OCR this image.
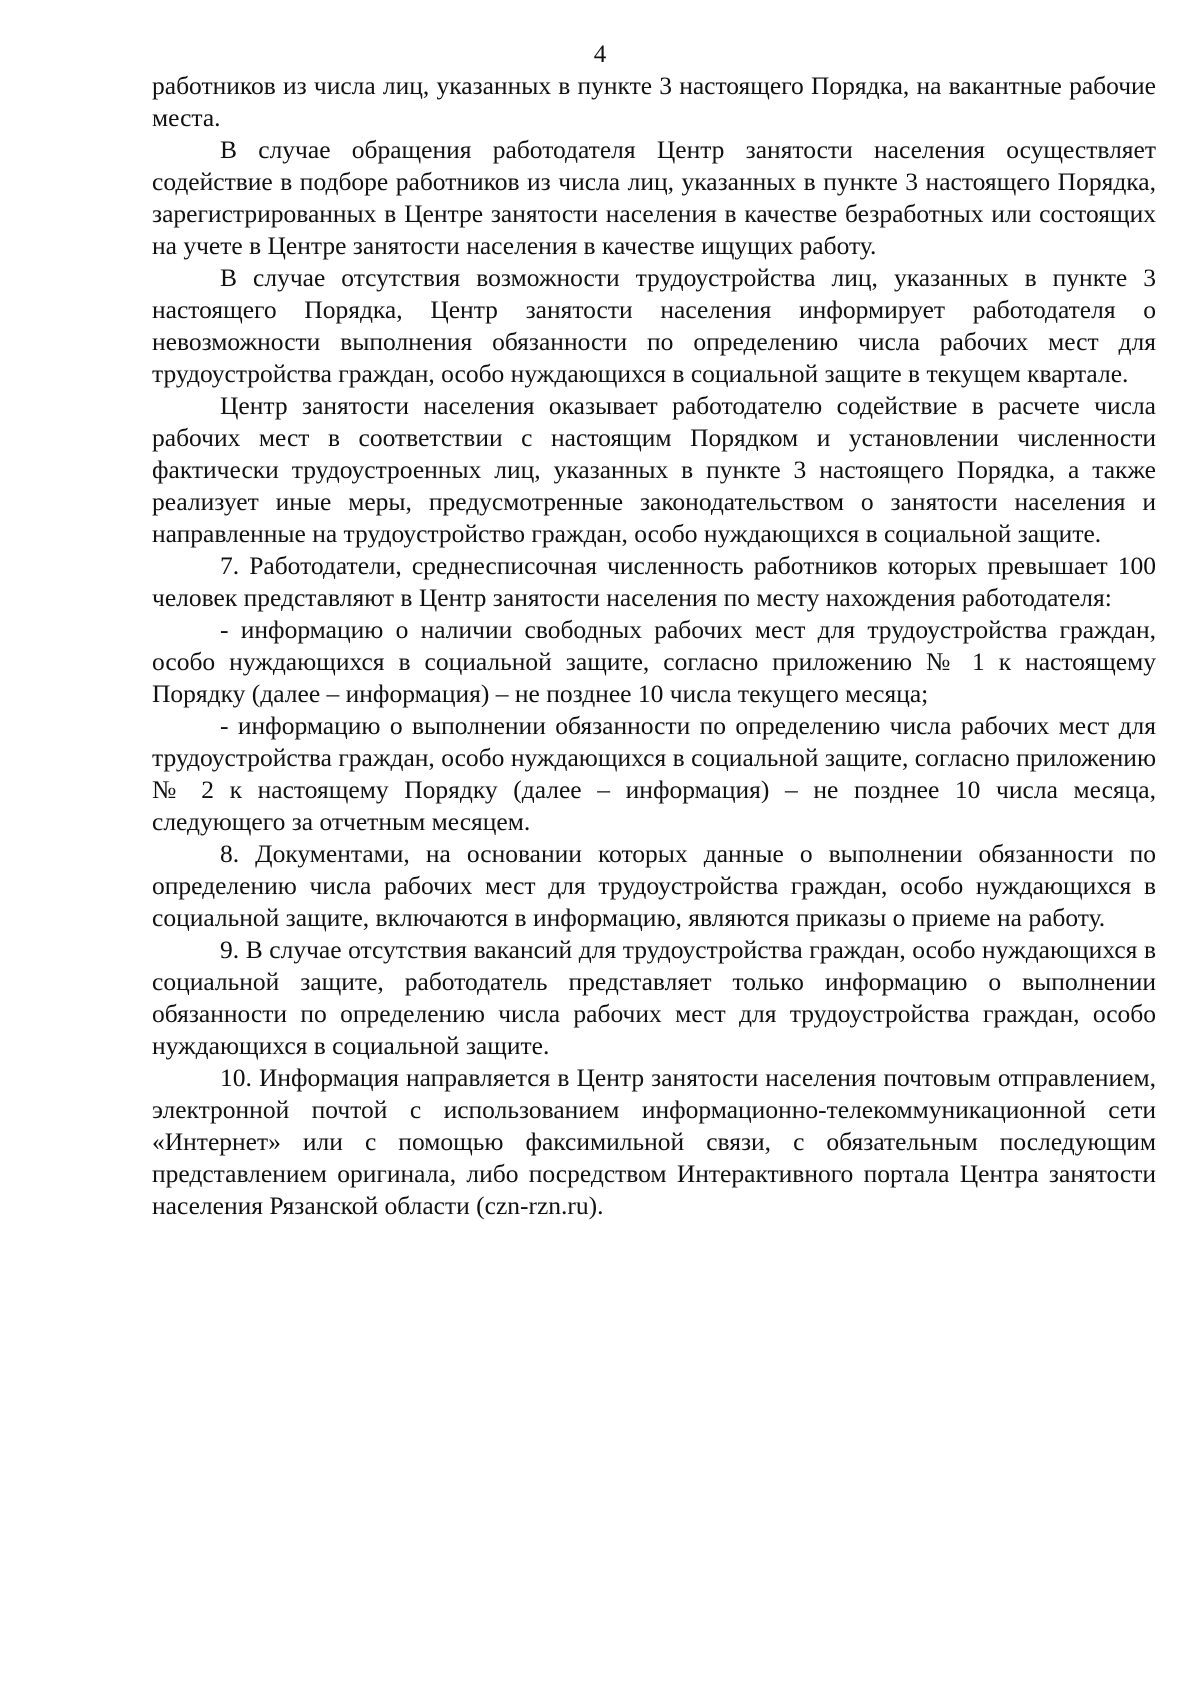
4

работников из числа лиц, указанных в пункте 3 настоящего Порядка, на вакантные рабочие места.

В случае обращения работодателя Центр занятости населения осуществляет содействие в подборе работников из числа лиц, указанных в пункте 3 настоящего Порядка, зарегистрированных в Центре занятости населения в качестве безработных или состоящих на учете в Центре занятости населения в качестве ищущих работу.

В случае отсутствия возможности трудоустройства лиц, указанных в пункте 3 настоящего Порядка, Центр занятости населения информирует работодателя о невозможности выполнения обязанности по определению числа рабочих мест для трудоустройства граждан, особо нуждающихся в социальной защите в текущем квартале.

Центр занятости населения оказывает работодателю содействие в расчете числа рабочих мест в соответствии с настоящим Порядком и установлении численности фактически трудоустроенных лиц, указанных в пункте 3 настоящего Порядка, а также реализует иные меры, предусмотренные законодательством о занятости населения и направленные на трудоустройство граждан, особо нуждающихся в социальной защите.

7. Работодатели, среднесписочная численность работников которых превышает 100 человек представляют в Центр занятости населения по месту нахождения работодателя:

- информацию о наличии свободных рабочих мест для трудоустройства граждан, особо нуждающихся в социальной защите, согласно приложению № 1 к настоящему Порядку (далее – информация) – не позднее 10 числа текущего месяца;

- информацию о выполнении обязанности по определению числа рабочих мест для трудоустройства граждан, особо нуждающихся в социальной защите, согласно приложению № 2 к настоящему Порядку (далее – информация) – не позднее 10 числа месяца, следующего за отчетным месяцем.

8. Документами, на основании которых данные о выполнении обязанности по определению числа рабочих мест для трудоустройства граждан, особо нуждающихся в социальной защите, включаются в информацию, являются приказы о приеме на работу.

9. В случае отсутствия вакансий для трудоустройства граждан, особо нуждающихся в социальной защите, работодатель представляет только информацию о выполнении обязанности по определению числа рабочих мест для трудоустройства граждан, особо нуждающихся в социальной защите.

10. Информация направляется в Центр занятости населения почтовым отправлением, электронной почтой с использованием информационно-телекоммуникационной сети «Интернет» или с помощью факсимильной связи, с обязательным последующим представлением оригинала, либо посредством Интерактивного портала Центра занятости населения Рязанской области (czn-rzn.ru).
